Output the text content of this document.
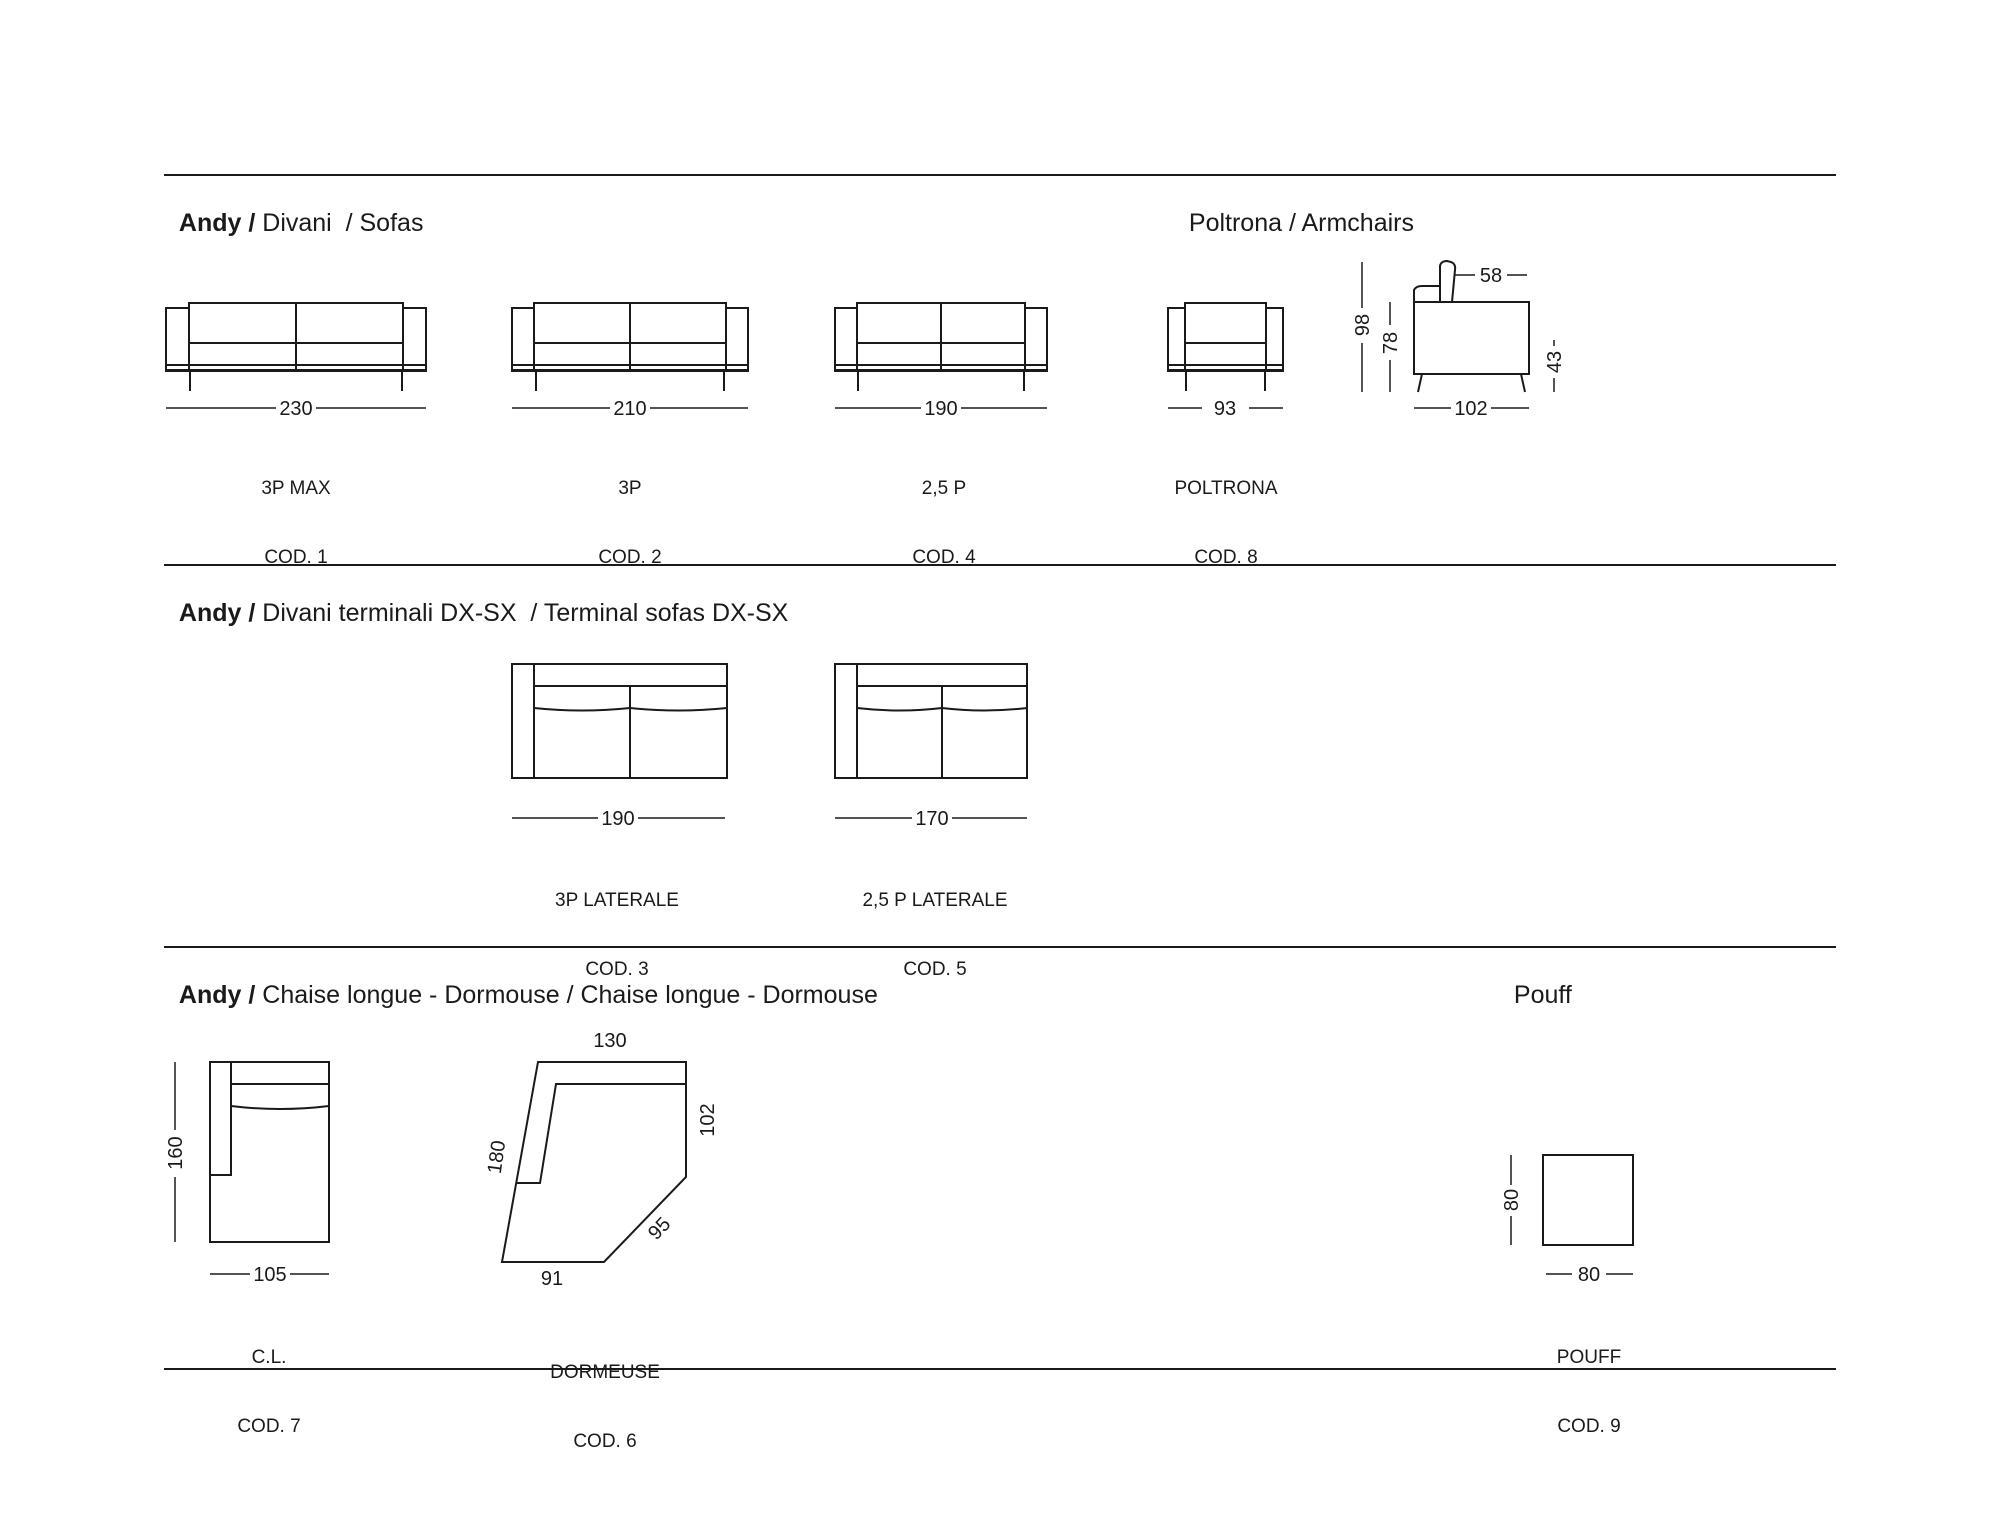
Andy / Divani  / Sofas	Poltrona / Armchairs

Andy / Divani terminali DX-SX  / Terminal sofas DX-SX

Andy / Chaise longue - Dormouse / Chaise longue - Dormouse	Pouff

230	210	190	93
58
98
78
43
102
190	170
160
105
130
102
180
95
91
80
80

3P MAX

COD. 1

3P

COD. 2

2,5 P

COD. 4

POLTRONA

COD. 8

3P LATERALE

COD. 3

2,5 P LATERALE

COD. 5

C.L.

COD. 7

DORMEUSE

COD. 6

POUFF

COD. 9
